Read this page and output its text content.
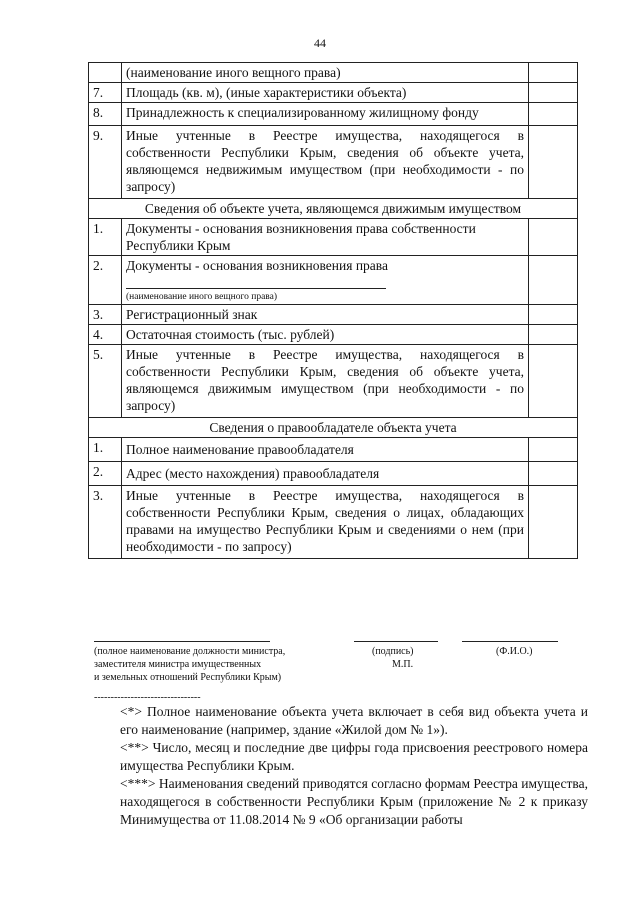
44
	(наименование иного вещного права)	
7.	Площадь (кв. м), (иные характеристики объекта)	
8.	Принадлежность к специализированному жилищному фонду	
9.	Иные учтенные в Реестре имущества, находящегося в собственности Республики Крым, сведения об объекте учета, являющемся недвижимым имуществом (при необходимости - по запросу)	
Сведения об объекте учета, являющемся движимым имуществом		
1.	Документы - основания возникновения права собственности Республики Крым	
2.	Документы - основания возникновения права
(наименование иного вещного права)	

3.	Регистрационный знак	
4.	Остаточная стоимость (тыс. рублей)	
5.	Иные учтенные в Реестре имущества, находящегося в собственности Республики Крым, сведения об объекте учета, являющемся движимым имуществом (при необходимости - по запросу)	
Сведения о правообладателе объекта учета		
1.	Полное наименование правообладателя	
2.	Адрес (место нахождения) правообладателя	
3.	Иные учтенные в Реестре имущества, находящегося в собственности Республики Крым, сведения о лицах, обладающих правами на имущество Республики Крым и сведениями о нем (при необходимости - по запросу)	
(полное наименование должности министра,
заместителя министра имущественных
и земельных отношений Республики Крым)
(подпись)
М.П.
(Ф.И.О.)
--------------------------------
<*> Полное наименование объекта учета включает в себя вид объекта учета и его наименование (например, здание «Жилой дом № 1»).
<**> Число, месяц и последние две цифры года присвоения реестрового номера имущества Республики Крым.
<***> Наименования сведений приводятся согласно формам Реестра имущества, находящегося в собственности Республики Крым (приложение № 2 к приказу Минимущества от 11.08.2014 № 9 «Об организации работы
